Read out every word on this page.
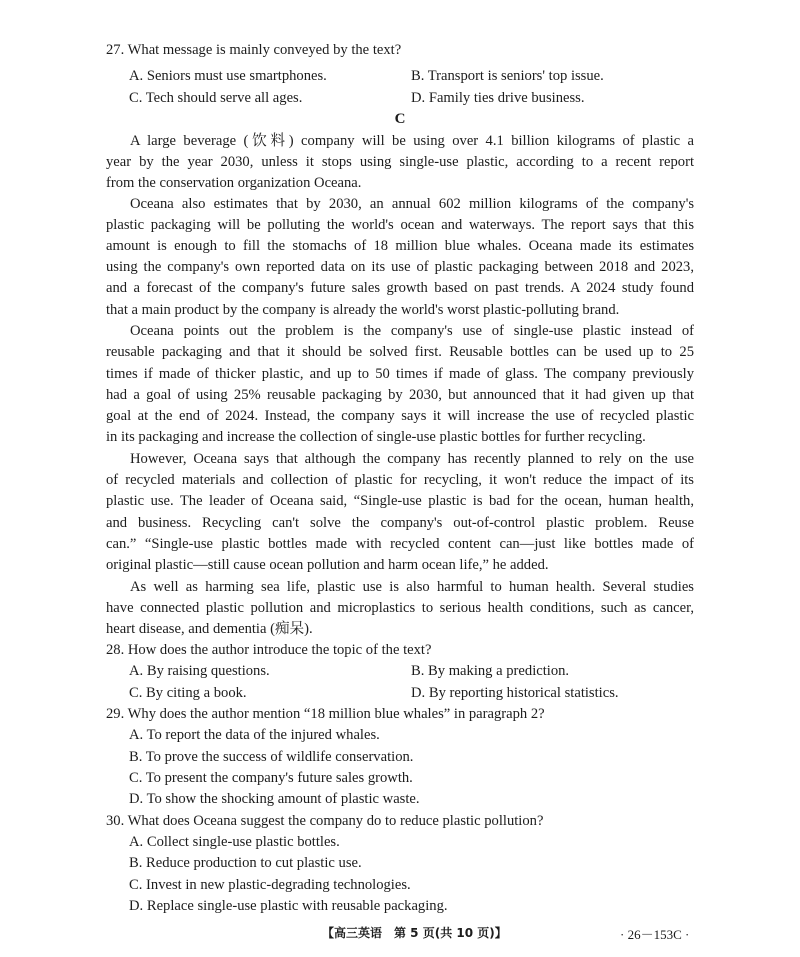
27. What message is mainly conveyed by the text?
A. Seniors must use smartphones.	B. Transport is seniors' top issue.
C. Tech should serve all ages.	D. Family ties drive business.
C
A large beverage (饮料) company will be using over 4.1 billion kilograms of plastic a
year by the year 2030, unless it stops using single-use plastic, according to a recent report
from the conservation organization Oceana.
Oceana also estimates that by 2030, an annual 602 million kilograms of the company's
plastic packaging will be polluting the world's ocean and waterways. The report says that this
amount is enough to fill the stomachs of 18 million blue whales. Oceana made its estimates
using the company's own reported data on its use of plastic packaging between 2018 and 2023,
and a forecast of the company's future sales growth based on past trends. A 2024 study found
that a main product by the company is already the world's worst plastic-polluting brand.
Oceana points out the problem is the company's use of single-use plastic instead of
reusable packaging and that it should be solved first. Reusable bottles can be used up to 25
times if made of thicker plastic, and up to 50 times if made of glass. The company previously
had a goal of using 25% reusable packaging by 2030, but announced that it had given up that
goal at the end of 2024. Instead, the company says it will increase the use of recycled plastic
in its packaging and increase the collection of single-use plastic bottles for further recycling.
However, Oceana says that although the company has recently planned to rely on the use
of recycled materials and collection of plastic for recycling, it won't reduce the impact of its
plastic use. The leader of Oceana said, “Single-use plastic is bad for the ocean, human health,
and business. Recycling can't solve the company's out-of-control plastic problem. Reuse
can.” “Single-use plastic bottles made with recycled content can—just like bottles made of
original plastic—still cause ocean pollution and harm ocean life,” he added.
As well as harming sea life, plastic use is also harmful to human health. Several studies
have connected plastic pollution and microplastics to serious health conditions, such as cancer,
heart disease, and dementia (痴呆).
28. How does the author introduce the topic of the text?
A. By raising questions.	B. By making a prediction.
C. By citing a book.	D. By reporting historical statistics.
29. Why does the author mention “18 million blue whales” in paragraph 2?
A. To report the data of the injured whales.
B. To prove the success of wildlife conservation.
C. To present the company's future sales growth.
D. To show the shocking amount of plastic waste.
30. What does Oceana suggest the company do to reduce plastic pollution?
A. Collect single-use plastic bottles.
B. Reduce production to cut plastic use.
C. Invest in new plastic-degrading technologies.
D. Replace single-use plastic with reusable packaging.
【高三英语　第 5 页(共 10 页)】	· 26－153C ·
